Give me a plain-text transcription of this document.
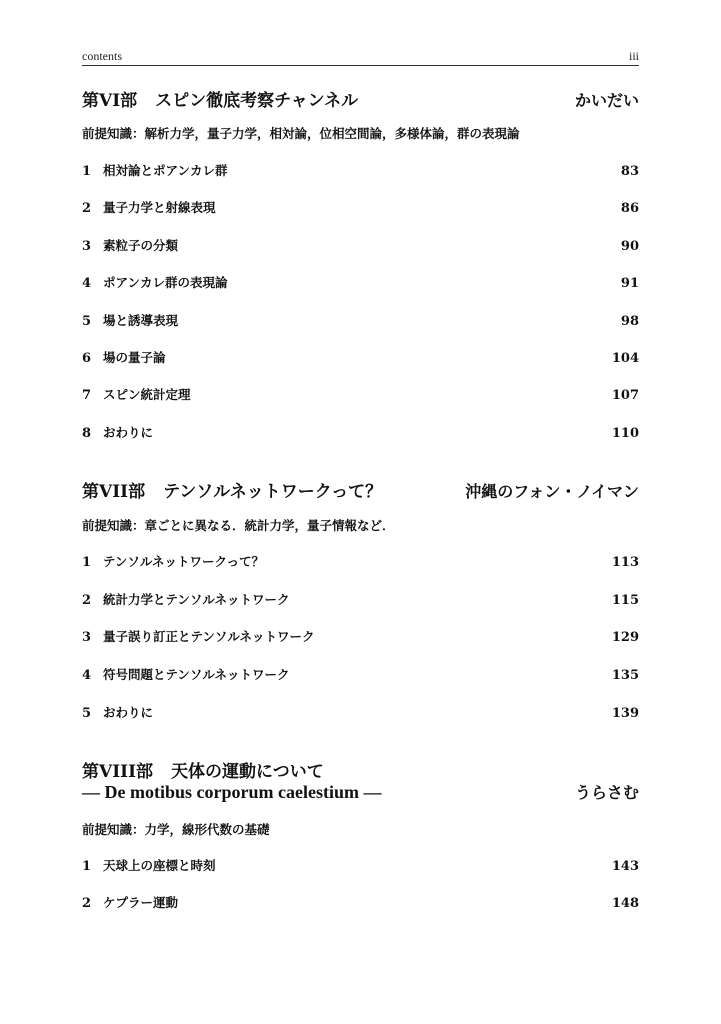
contents	iii
第VI部 スピン徹底考察チャンネル	かいだい
前提知識：解析力学，量子力学，相対論，位相空間論，多様体論，群の表現論
1 相対論とポアンカレ群	83
2 量子力学と射線表現	86
3 素粒子の分類	90
4 ポアンカレ群の表現論	91
5 場と誘導表現	98
6 場の量子論	104
7 スピン統計定理	107
8 おわりに	110
第VII部 テンソルネットワークって？	沖縄のフォン・ノイマン
前提知識：章ごとに異なる．統計力学，量子情報など．
1 テンソルネットワークって？	113
2 統計力学とテンソルネットワーク	115
3 量子誤り訂正とテンソルネットワーク	129
4 符号問題とテンソルネットワーク	135
5 おわりに	139
第VIII部 天体の運動について
— De motibus corporum caelestium —	うらさむ
前提知識：力学，線形代数の基礎
1 天球上の座標と時刻	143
2 ケプラー運動	148
